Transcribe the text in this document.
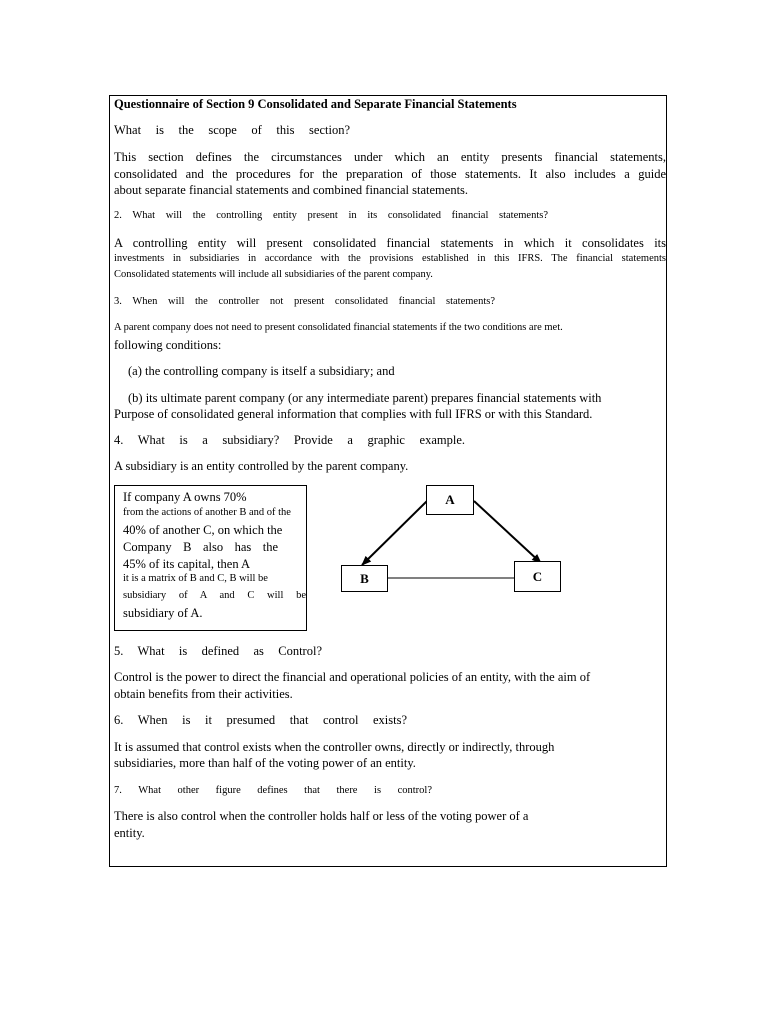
Questionnaire of Section 9 Consolidated and Separate Financial Statements

What is the scope of this section?

This section defines the circumstances under which an entity presents financial statements,

consolidated and the procedures for the preparation of those statements. It also includes a guide

about separate financial statements and combined financial statements.

2. What will the controlling entity present in its consolidated financial statements?

A controlling entity will present consolidated financial statements in which it consolidates its

investments in subsidiaries in accordance with the provisions established in this IFRS. The financial statements

Consolidated statements will include all subsidiaries of the parent company.

3. When will the controller not present consolidated financial statements?

A parent company does not need to present consolidated financial statements if the two conditions are met.

following conditions:

(a) the controlling company is itself a subsidiary; and

(b) its ultimate parent company (or any intermediate parent) prepares financial statements with

Purpose of consolidated general information that complies with full IFRS or with this Standard.

4. What is a subsidiary? Provide a graphic example.

A subsidiary is an entity controlled by the parent company.

If company A owns 70%

from the actions of another B and of the

40% of another C, on which the

Company B also has the

45% of its capital, then A

it is a matrix of B and C, B will be

subsidiary of A and C will be

subsidiary of A.

A
B	C

5. What is defined as Control?

Control is the power to direct the financial and operational policies of an entity, with the aim of

obtain benefits from their activities.

6. When is it presumed that control exists?

It is assumed that control exists when the controller owns, directly or indirectly, through

subsidiaries, more than half of the voting power of an entity.

7. What other figure defines that there is control?

There is also control when the controller holds half or less of the voting power of a

entity.
